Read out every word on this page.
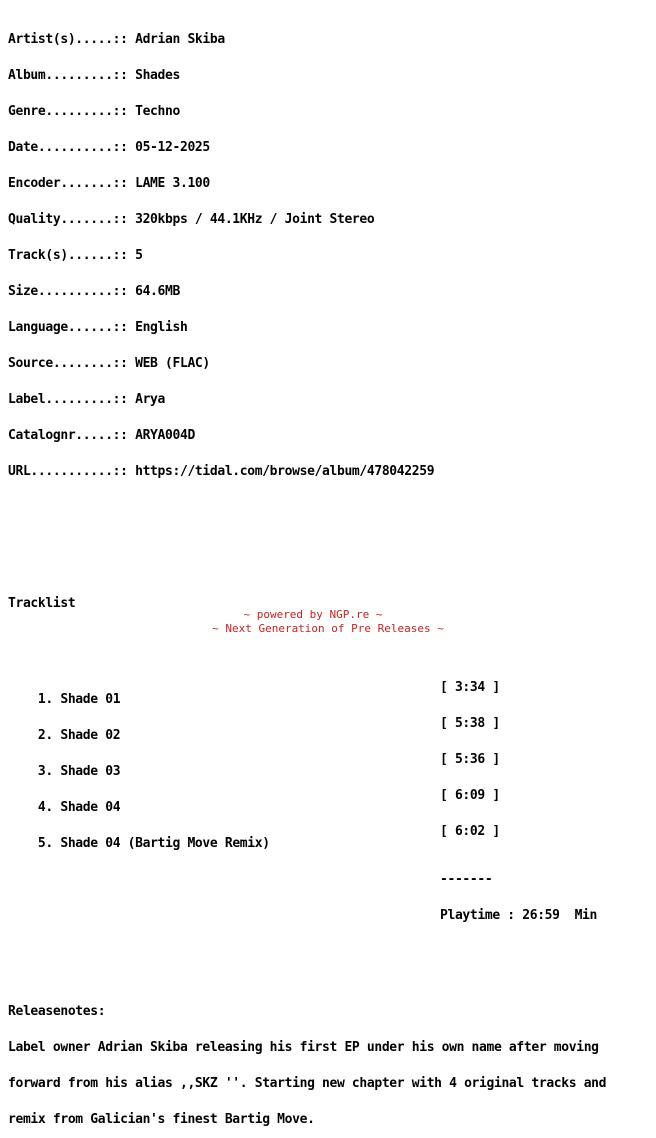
Artist(s).....:: Adrian Skiba

Album.........:: Shades

Genre.........:: Techno

Date..........:: 05-12-2025

Encoder.......:: LAME 3.100

Quality.......:: 320kbps / 44.1KHz / Joint Stereo

Track(s)......:: 5

Size..........:: 64.6MB

Language......:: English

Source........:: WEB (FLAC)

Label.........:: Arya

Catalognr.....:: ARYA004D

URL...........:: https://tidal.com/browse/album/478042259

Tracklist

1. Shade 01

[ 3:34 ]

2. Shade 02

[ 5:38 ]

3. Shade 03

[ 5:36 ]

4. Shade 04

[ 6:09 ]

5. Shade 04 (Bartig Move Remix)

[ 6:02 ]

-------

Playtime : 26:59  Min

Releasenotes:

Label owner Adrian Skiba releasing his first EP under his own name after moving

forward from his alias ,,SKZ ''. Starting new chapter with 4 original tracks and

remix from Galician's finest Bartig Move.

~ powered by NGP.re ~
~ Next Generation of Pre Releases ~
